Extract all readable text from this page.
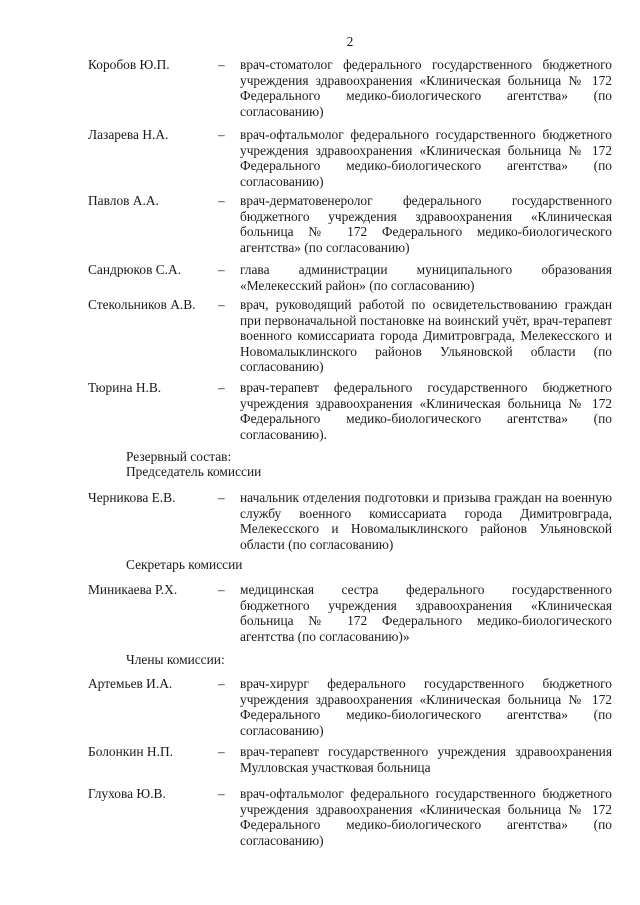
2
Коробов Ю.П.	– врач-стоматолог федерального государственного бюджетного учреждения здравоохранения «Клиническая больница № 172 Федерального медико-биологического агентства» (по согласованию)
Лазарева Н.А.	– врач-офтальмолог федерального государственного бюджетного учреждения здравоохранения «Клиническая больница № 172 Федерального медико-биологического агентства» (по согласованию)
Павлов А.А.	– врач-дерматовенеролог федерального государственного бюджетного учреждения здравоохранения «Клиническая больница № 172 Федерального медико-биологического агентства» (по согласованию)
Сандрюков С.А.	– глава администрации муниципального образования «Мелекесский район» (по согласованию)
Стекольников А.В. – врач, руководящий работой по освидетельствованию граждан при первоначальной постановке на воинский учёт, врач-терапевт военного комиссариата города Димитровграда, Мелекесского и Новомалыклинского районов Ульяновской области (по согласованию)
Тюрина Н.В.	– врач-терапевт федерального государственного бюджетного учреждения здравоохранения «Клиническая больница № 172 Федерального медико-биологического агентства» (по согласованию).
Резервный состав:
Председатель комиссии
Черникова Е.В.	– начальник отделения подготовки и призыва граждан на военную службу военного комиссариата города Димитровграда, Мелекесского и Новомалыклинского районов Ульяновской области (по согласованию)
Секретарь комиссии
Миникаева Р.Х.	– медицинская сестра федерального государственного бюджетного учреждения здравоохранения «Клиническая больница № 172 Федерального медико-биологического агентства (по согласованию)»
Члены комиссии:
Артемьев И.А.	– врач-хирург федерального государственного бюджетного учреждения здравоохранения «Клиническая больница № 172 Федерального медико-биологического агентства» (по согласованию)
Болонкин Н.П.	– врач-терапевт государственного учреждения здравоохранения Мулловская участковая больница
Глухова Ю.В.	– врач-офтальмолог федерального государственного бюджетного учреждения здравоохранения «Клиническая больница № 172 Федерального медико-биологического агентства» (по согласованию)
